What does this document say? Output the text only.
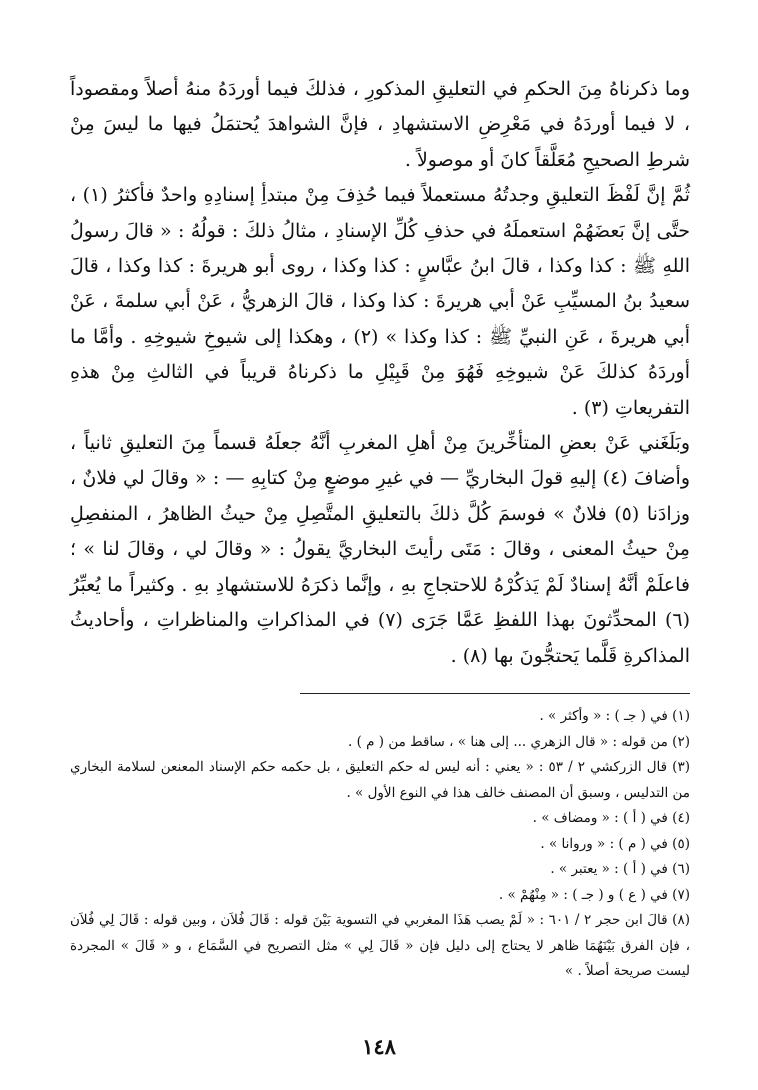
وما ذكرناهُ مِنَ الحكمِ في التعليقِ المذكورِ ، فذلكَ فيما أوردَهُ منهُ أصلاً ومقصوداً ، لا فيما أوردَهُ في مَعْرِضِ الاستشهادِ ، فإنَّ الشواهدَ يُحتمَلُ فيها ما ليسَ مِنْ شرطِ الصحيحِ مُعَلَّقاً كانَ أو موصولاً .

ثُمَّ إنَّ لَفْظَ التعليقِ وجدتُهُ مستعملاً فيما حُذِفَ مِنْ مبتدأِ إسنادِهِ واحدٌ فأكثرُ (١) ، حتَّى إنَّ بَعضَهُمْ استعملَهُ في حذفِ كُلِّ الإسنادِ ، مثالُ ذلكَ : قولُهُ : « قالَ رسولُ اللهِ ﷺ : كذا وكذا ، قالَ ابنُ عبَّاسٍ : كذا وكذا ، روى أبو هريرةَ : كذا وكذا ، قالَ سعيدُ بنُ المسيِّبِ عَنْ أبي هريرةَ : كذا وكذا ، قالَ الزهريُّ ، عَنْ أبي سلمةَ ، عَنْ أبي هريرةَ ، عَنِ النبيِّ ﷺ : كذا وكذا » (٢) ، وهكذا إلى شيوخِ شيوخِهِ . وأمَّا ما أوردَهُ كذلكَ عَنْ شيوخِهِ فَهُوَ مِنْ قَبِيْلِ ما ذكرناهُ قريباً في الثالثِ مِنْ هذهِ التفريعاتِ (٣) .

وبَلَغَني عَنْ بعضِ المتأخِّرينَ مِنْ أهلِ المغربِ أنَّهُ جعلَهُ قسماً مِنَ التعليقِ ثانياً ، وأضافَ (٤) إليهِ قولَ البخاريِّ — في غيرِ موضعٍ مِنْ كتابِهِ — : « وقالَ لي فلانٌ ، وزادَنا (٥) فلانٌ » فوسمَ كُلَّ ذلكَ بالتعليقِ المتَّصِلِ مِنْ حيثُ الظاهرُ ، المنفصِلِ مِنْ حيثُ المعنى ، وقالَ : مَتَى رأيتَ البخاريَّ يقولُ : « وقالَ لي ، وقالَ لنا » ؛ فاعلَمْ أنَّهُ إسنادٌ لَمْ يَذكُرْهُ للاحتجاجِ بهِ ، وإنَّما ذكرَهُ للاستشهادِ بهِ . وكثيراً ما يُعبِّرُ (٦) المحدِّثونَ بهذا اللفظِ عَمَّا جَرَى (٧) في المذاكراتِ والمناظراتِ ، وأحاديثُ المذاكرةِ قَلَّما يَحتجُّونَ بها (٨) .

(١) في ( جـ ) : « وأكثر » .

(٢) من قوله : « قال الزهري ... إلى هنا » ، ساقط من ( م ) .

(٣) قال الزركشي ٢ / ٥٣ : « يعني : أنه ليس له حكم التعليق ، بل حكمه حكم الإسناد المعنعن لسلامة البخاري من التدليس ، وسبق أن المصنف خالف هذا في النوع الأول » .

(٤) في ( أ ) : « ومضاف » .

(٥) في ( م ) : « وروانا » .

(٦) في ( أ ) : « يعتبر » .

(٧) في ( ع ) و ( جـ ) : « مِنْهُمْ » .

(٨) قالَ ابن حجر ٢ / ٦٠١ : « لَمْ يصب هَذَا المغربي في التسوية بَيْنَ قوله : قَالَ فُلاَن ، وبين قوله : قَالَ لِي فُلاَن ، فإن الفرق بَيْنَهُمَا ظاهر لا يحتاج إلى دليل فإن « قَالَ لِي » مثل التصريح في السَّمَاع ، و « قَالَ » المجردة ليست صريحة أصلاً . »

١٤٨
